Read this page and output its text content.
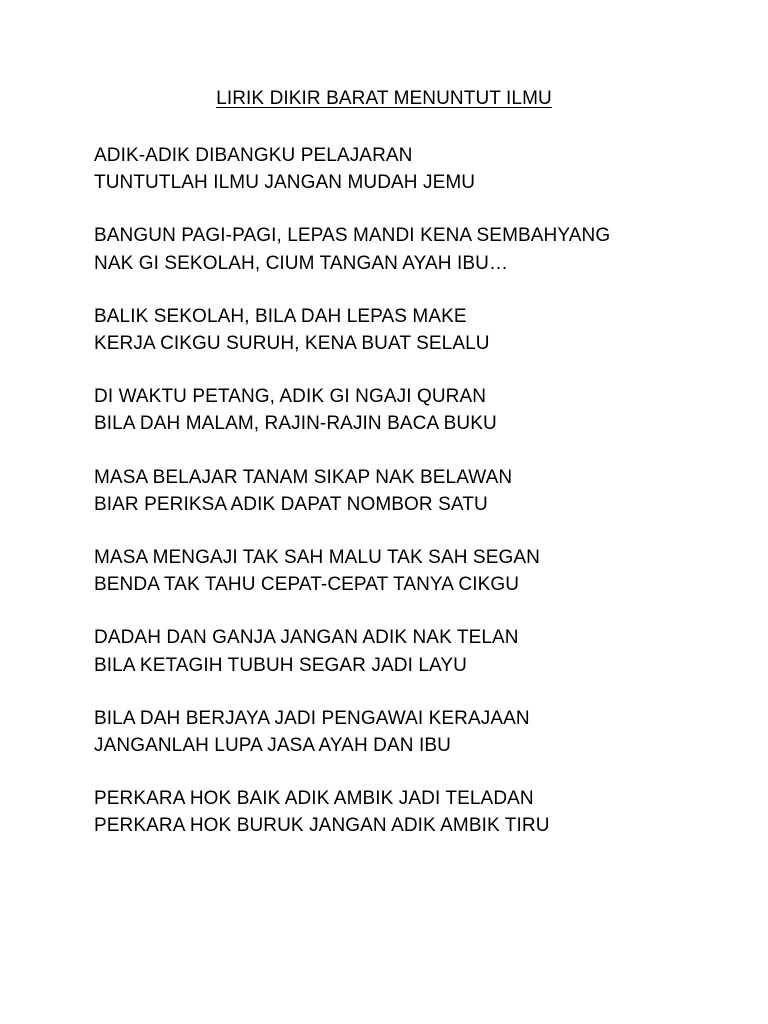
LIRIK DIKIR BARAT MENUNTUT ILMU
ADIK-ADIK DIBANGKU PELAJARAN
TUNTUTLAH ILMU JANGAN MUDAH JEMU
BANGUN PAGI-PAGI, LEPAS MANDI KENA SEMBAHYANG
NAK GI SEKOLAH, CIUM TANGAN AYAH IBU…
BALIK SEKOLAH, BILA DAH LEPAS MAKE
KERJA CIKGU SURUH, KENA BUAT SELALU
DI WAKTU PETANG, ADIK GI NGAJI QURAN
BILA DAH MALAM, RAJIN-RAJIN BACA BUKU
MASA BELAJAR TANAM SIKAP NAK BELAWAN
BIAR PERIKSA ADIK DAPAT NOMBOR SATU
MASA MENGAJI TAK SAH MALU TAK SAH SEGAN
BENDA TAK TAHU CEPAT-CEPAT TANYA CIKGU
DADAH DAN GANJA JANGAN ADIK NAK TELAN
BILA KETAGIH TUBUH SEGAR JADI LAYU
BILA DAH BERJAYA JADI PENGAWAI KERAJAAN
JANGANLAH LUPA JASA AYAH DAN IBU
PERKARA HOK BAIK ADIK AMBIK JADI TELADAN
PERKARA HOK BURUK JANGAN ADIK AMBIK TIRU
